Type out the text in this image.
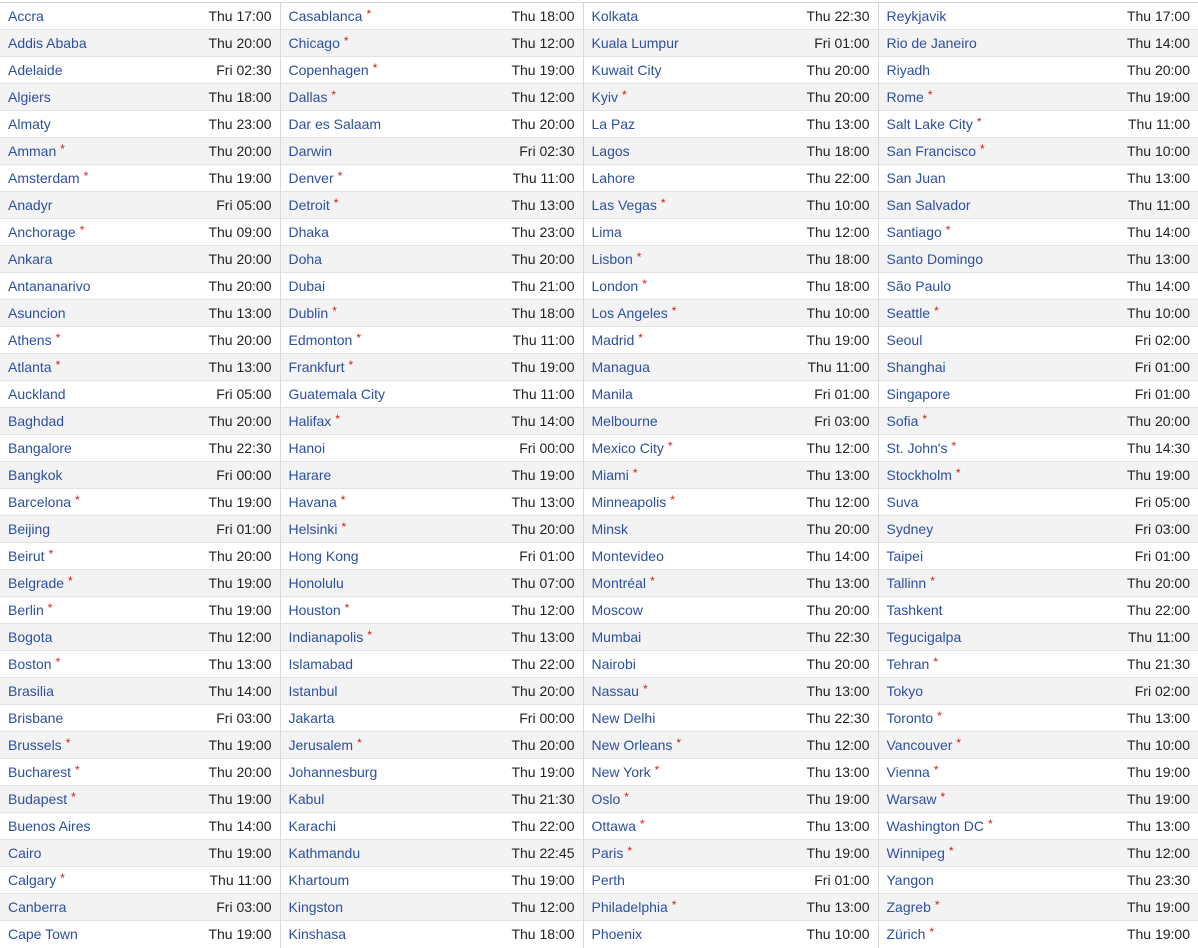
Accra Thu 17:00	Casablanca * Thu 18:00	Kolkata Thu 22:30	Reykjavik Thu 17:00

Addis Ababa Thu 20:00	Chicago * Thu 12:00	Kuala Lumpur Fri 01:00	Rio de Janeiro Thu 14:00

Adelaide Fri 02:30	Copenhagen * Thu 19:00	Kuwait City Thu 20:00	Riyadh Thu 20:00

Algiers Thu 18:00	Dallas * Thu 12:00	Kyiv * Thu 20:00	Rome * Thu 19:00

Almaty Thu 23:00	Dar es Salaam Thu 20:00	La Paz Thu 13:00	Salt Lake City * Thu 11:00

Amman * Thu 20:00	Darwin Fri 02:30	Lagos Thu 18:00	San Francisco * Thu 10:00

Amsterdam * Thu 19:00	Denver * Thu 11:00	Lahore Thu 22:00	San Juan Thu 13:00

Anadyr Fri 05:00	Detroit * Thu 13:00	Las Vegas * Thu 10:00	San Salvador Thu 11:00

Anchorage * Thu 09:00	Dhaka Thu 23:00	Lima Thu 12:00	Santiago * Thu 14:00

Ankara Thu 20:00	Doha Thu 20:00	Lisbon * Thu 18:00	Santo Domingo Thu 13:00

Antananarivo Thu 20:00	Dubai Thu 21:00	London * Thu 18:00	São Paulo Thu 14:00

Asuncion Thu 13:00	Dublin * Thu 18:00	Los Angeles * Thu 10:00	Seattle * Thu 10:00

Athens * Thu 20:00	Edmonton * Thu 11:00	Madrid * Thu 19:00	Seoul Fri 02:00

Atlanta * Thu 13:00	Frankfurt * Thu 19:00	Managua Thu 11:00	Shanghai Fri 01:00

Auckland Fri 05:00	Guatemala City Thu 11:00	Manila Fri 01:00	Singapore Fri 01:00

Baghdad Thu 20:00	Halifax * Thu 14:00	Melbourne Fri 03:00	Sofia * Thu 20:00

Bangalore Thu 22:30	Hanoi Fri 00:00	Mexico City * Thu 12:00	St. John's * Thu 14:30

Bangkok Fri 00:00	Harare Thu 19:00	Miami * Thu 13:00	Stockholm * Thu 19:00

Barcelona * Thu 19:00	Havana * Thu 13:00	Minneapolis * Thu 12:00	Suva Fri 05:00

Beijing Fri 01:00	Helsinki * Thu 20:00	Minsk Thu 20:00	Sydney Fri 03:00

Beirut * Thu 20:00	Hong Kong Fri 01:00	Montevideo Thu 14:00	Taipei Fri 01:00

Belgrade * Thu 19:00	Honolulu Thu 07:00	Montréal * Thu 13:00	Tallinn * Thu 20:00

Berlin * Thu 19:00	Houston * Thu 12:00	Moscow Thu 20:00	Tashkent Thu 22:00

Bogota Thu 12:00	Indianapolis * Thu 13:00	Mumbai Thu 22:30	Tegucigalpa Thu 11:00

Boston * Thu 13:00	Islamabad Thu 22:00	Nairobi Thu 20:00	Tehran * Thu 21:30

Brasilia Thu 14:00	Istanbul Thu 20:00	Nassau * Thu 13:00	Tokyo Fri 02:00

Brisbane Fri 03:00	Jakarta Fri 00:00	New Delhi Thu 22:30	Toronto * Thu 13:00

Brussels * Thu 19:00	Jerusalem * Thu 20:00	New Orleans * Thu 12:00	Vancouver * Thu 10:00

Bucharest * Thu 20:00	Johannesburg Thu 19:00	New York * Thu 13:00	Vienna * Thu 19:00

Budapest * Thu 19:00	Kabul Thu 21:30	Oslo * Thu 19:00	Warsaw * Thu 19:00

Buenos Aires Thu 14:00	Karachi Thu 22:00	Ottawa * Thu 13:00	Washington DC * Thu 13:00

Cairo Thu 19:00	Kathmandu Thu 22:45	Paris * Thu 19:00	Winnipeg * Thu 12:00

Calgary * Thu 11:00	Khartoum Thu 19:00	Perth Fri 01:00	Yangon Thu 23:30

Canberra Fri 03:00	Kingston Thu 12:00	Philadelphia * Thu 13:00	Zagreb * Thu 19:00

Cape Town Thu 19:00	Kinshasa Thu 18:00	Phoenix Thu 10:00	Zürich * Thu 19:00
